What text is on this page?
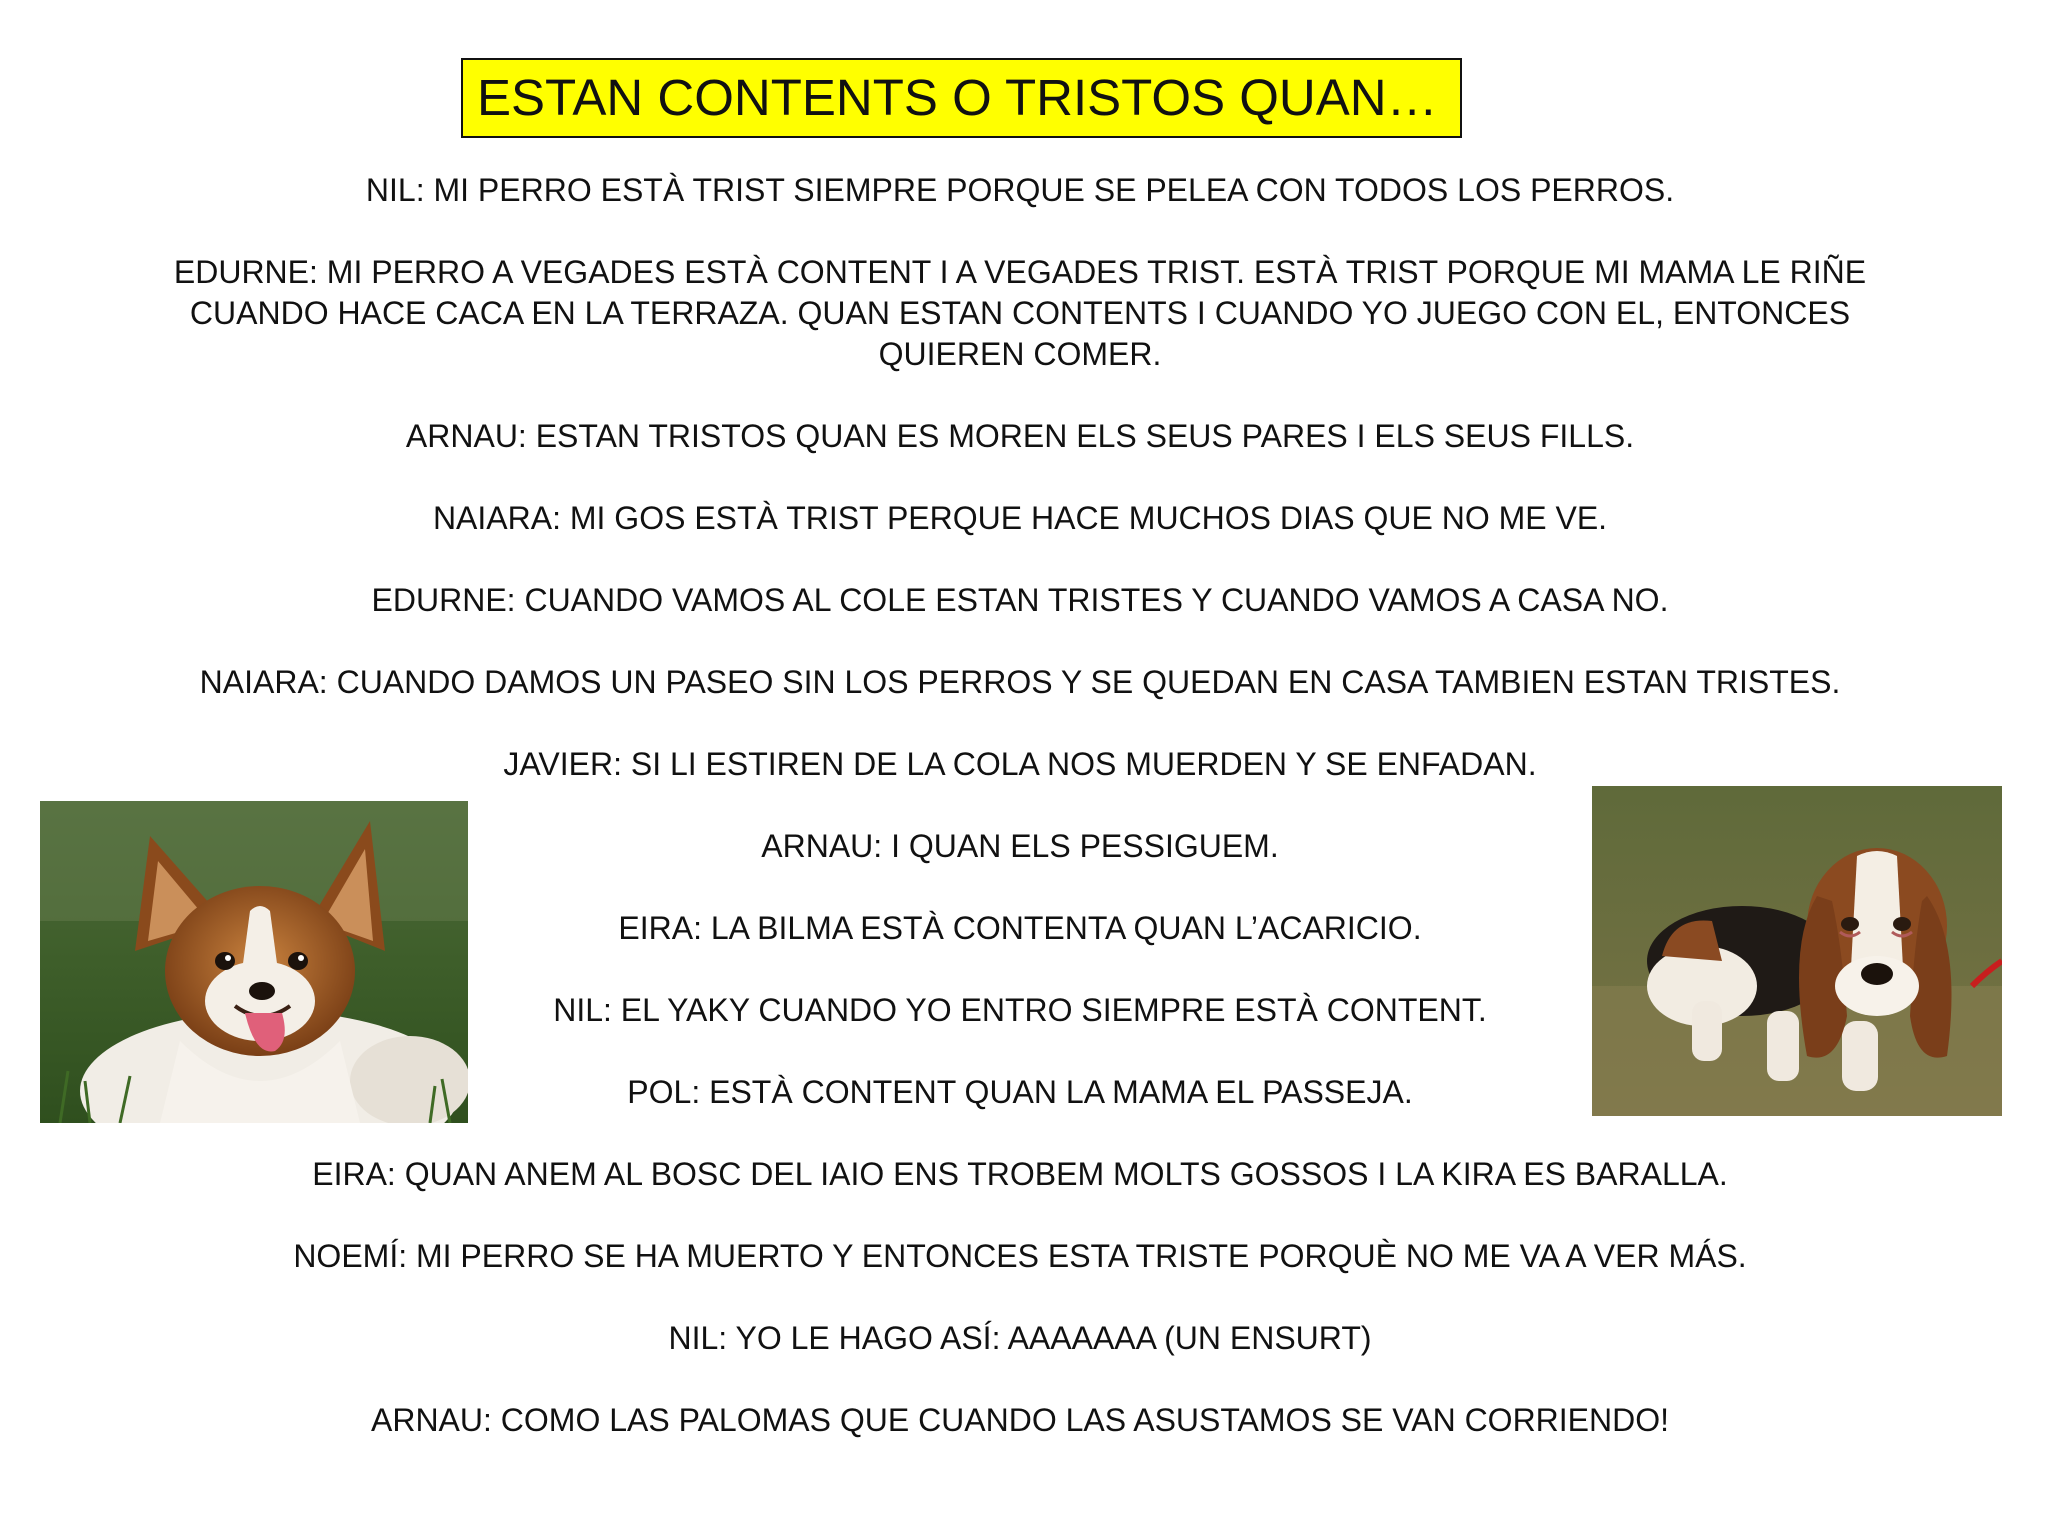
ESTAN CONTENTS O TRISTOS QUAN…
NIL: MI PERRO ESTÀ TRIST SIEMPRE PORQUE SE PELEA CON TODOS LOS PERROS.
EDURNE: MI PERRO A VEGADES ESTÀ CONTENT I A VEGADES TRIST. ESTÀ TRIST PORQUE MI MAMA LE RIÑE
CUANDO HACE CACA EN LA TERRAZA. QUAN ESTAN CONTENTS I CUANDO YO JUEGO CON EL, ENTONCES
QUIEREN COMER.
ARNAU: ESTAN TRISTOS QUAN ES MOREN ELS SEUS PARES I ELS SEUS FILLS.
NAIARA: MI GOS ESTÀ TRIST PERQUE HACE MUCHOS DIAS QUE NO ME VE.
EDURNE: CUANDO VAMOS AL COLE ESTAN TRISTES Y CUANDO VAMOS A CASA NO.
NAIARA: CUANDO DAMOS UN PASEO SIN LOS PERROS Y SE QUEDAN EN CASA TAMBIEN ESTAN TRISTES.
JAVIER: SI LI ESTIREN DE LA COLA NOS MUERDEN Y SE ENFADAN.
ARNAU: I QUAN ELS PESSIGUEM.
EIRA: LA BILMA ESTÀ CONTENTA QUAN L’ACARICIO.
NIL: EL YAKY CUANDO YO ENTRO SIEMPRE ESTÀ CONTENT.
POL: ESTÀ CONTENT QUAN LA MAMA EL PASSEJA.
EIRA: QUAN ANEM AL BOSC DEL IAIO ENS TROBEM MOLTS GOSSOS I LA KIRA ES BARALLA.
NOEMÍ: MI PERRO SE HA MUERTO Y ENTONCES ESTA TRISTE PORQUÈ NO ME VA A VER MÁS.
NIL: YO LE HAGO ASÍ: AAAAAAA (UN ENSURT)
ARNAU: COMO LAS PALOMAS QUE CUANDO LAS ASUSTAMOS SE VAN CORRIENDO!
